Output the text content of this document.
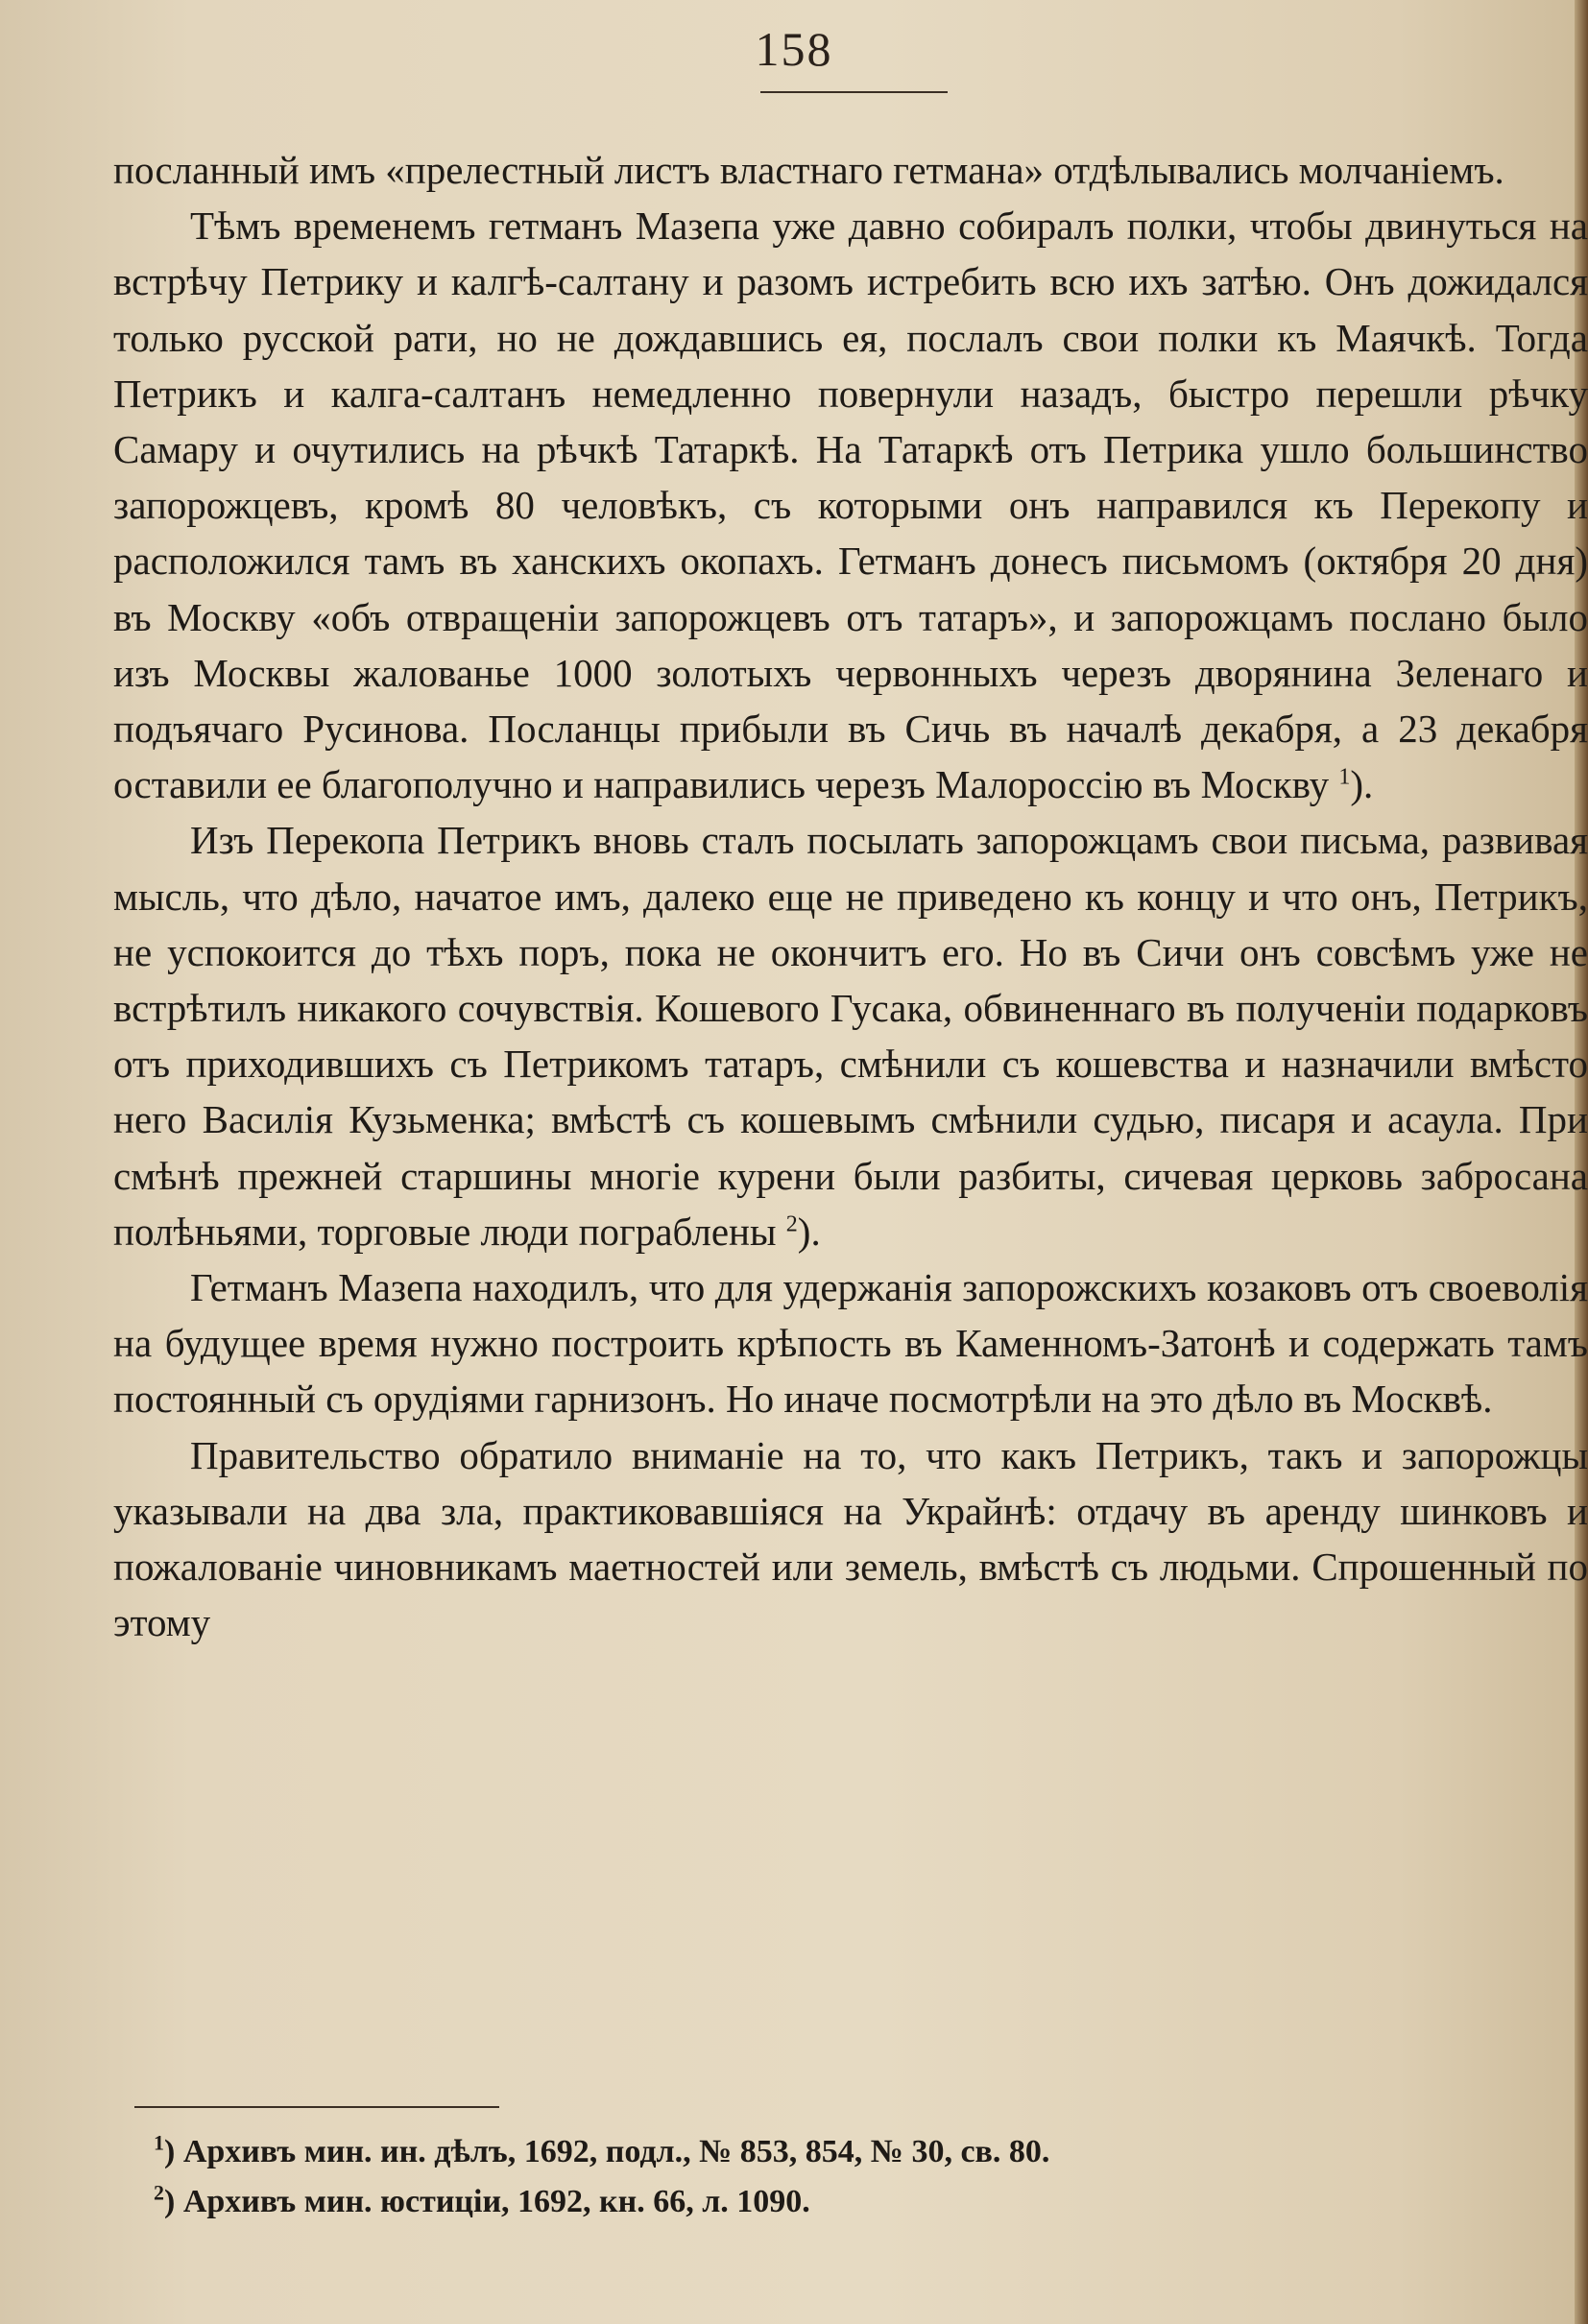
158

посланный имъ «прелестный листъ властнаго гетмана» отдѣлывались молчаніемъ.

Тѣмъ временемъ гетманъ Мазепа уже давно собиралъ полки, чтобы двинуться на встрѣчу Петрику и калгѣ-салтану и разомъ истребить всю ихъ затѣю. Онъ дожидался только русской рати, но не дождавшись ея, послалъ свои полки къ Маячкѣ. Тогда Петрикъ и калга-салтанъ немедленно повернули назадъ, быстро перешли рѣчку Самару и очутились на рѣчкѣ Татаркѣ. На Татаркѣ отъ Петрика ушло большинство запорожцевъ, кромѣ 80 человѣкъ, съ которыми онъ направился къ Перекопу и расположился тамъ въ ханскихъ окопахъ. Гетманъ донесъ письмомъ (октября 20 дня) въ Москву «объ отвращеніи запорожцевъ отъ татаръ», и запорожцамъ послано было изъ Москвы жалованье 1000 золотыхъ червонныхъ черезъ дворянина Зеленаго и подъячаго Русинова. Посланцы прибыли въ Сичь въ началѣ декабря, а 23 декабря оставили ее благополучно и направились черезъ Малороссію въ Москву $^1$).

Изъ Перекопа Петрикъ вновь сталъ посылать запорожцамъ свои письма, развивая мысль, что дѣло, начатое имъ, далеко еще не приведено къ концу и что онъ, Петрикъ, не успокоится до тѣхъ поръ, пока не окончитъ его. Но въ Сичи онъ совсѣмъ уже не встрѣтилъ никакого сочувствія. Кошевого Гусака, обвиненнаго въ полученіи подарковъ отъ приходившихъ съ Петрикомъ татаръ, смѣнили съ кошевства и назначили вмѣсто него Василія Кузьменка; вмѣстѣ съ кошевымъ смѣнили судью, писаря и асаула. При смѣнѣ прежней старшины многіе курени были разбиты, сичевая церковь забросана полѣньями, торговые люди пограблены $^2$).

Гетманъ Мазепа находилъ, что для удержанія запорожскихъ козаковъ отъ своеволія на будущее время нужно построить крѣпость въ Каменномъ-Затонѣ и содержать тамъ постоянный съ орудіями гарнизонъ. Но иначе посмотрѣли на это дѣло въ Москвѣ.

Правительство обратило вниманіе на то, что какъ Петрикъ, такъ и запорожцы указывали на два зла, практиковавшіяся на Украйнѣ: отдачу въ аренду шинковъ и пожалованіе чиновникамъ маетностей или земель, вмѣстѣ съ людьми. Спрошенный по этому

$^1$) Архивъ мин. ин. дѣлъ, 1692, подл., № 853, 854, № 30, св. 80.

$^2$) Архивъ мин. юстиціи, 1692, кн. 66, л. 1090.
